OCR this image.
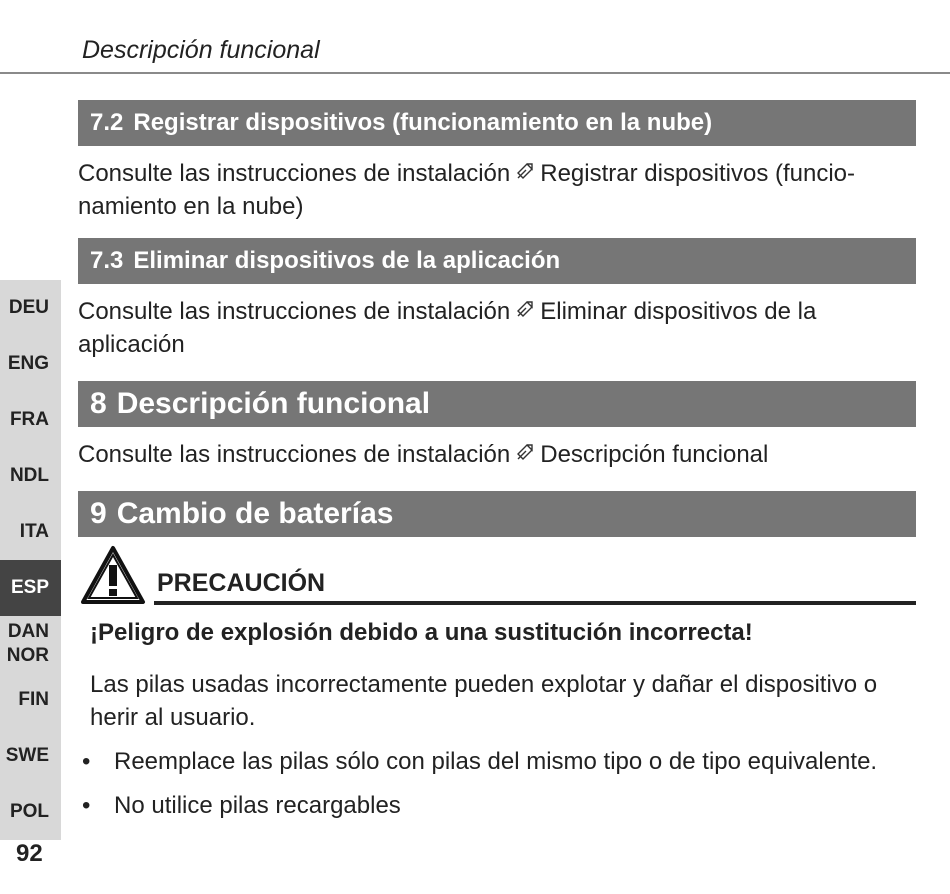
Descripción funcional
7.2 Registrar dispositivos (funcionamiento en la nube)
Consulte las instrucciones de instalación Registrar dispositivos (funcio-
namiento en la nube)
7.3 Eliminar dispositivos de la aplicación
Consulte las instrucciones de instalación Eliminar dispositivos de la
aplicación
8 Descripción funcional
Consulte las instrucciones de instalación Descripción funcional
9 Cambio de baterías
PRECAUCIÓN
¡Peligro de explosión debido a una sustitución incorrecta!
Las pilas usadas incorrectamente pueden explotar y dañar el dispositivo o herir al usuario.
• Reemplace las pilas sólo con pilas del mismo tipo o de tipo equivalente.
• No utilice pilas recargables
DEU
ENG
FRA
NDL
ITA
ESP
DAN
NOR
FIN
SWE
POL
92
